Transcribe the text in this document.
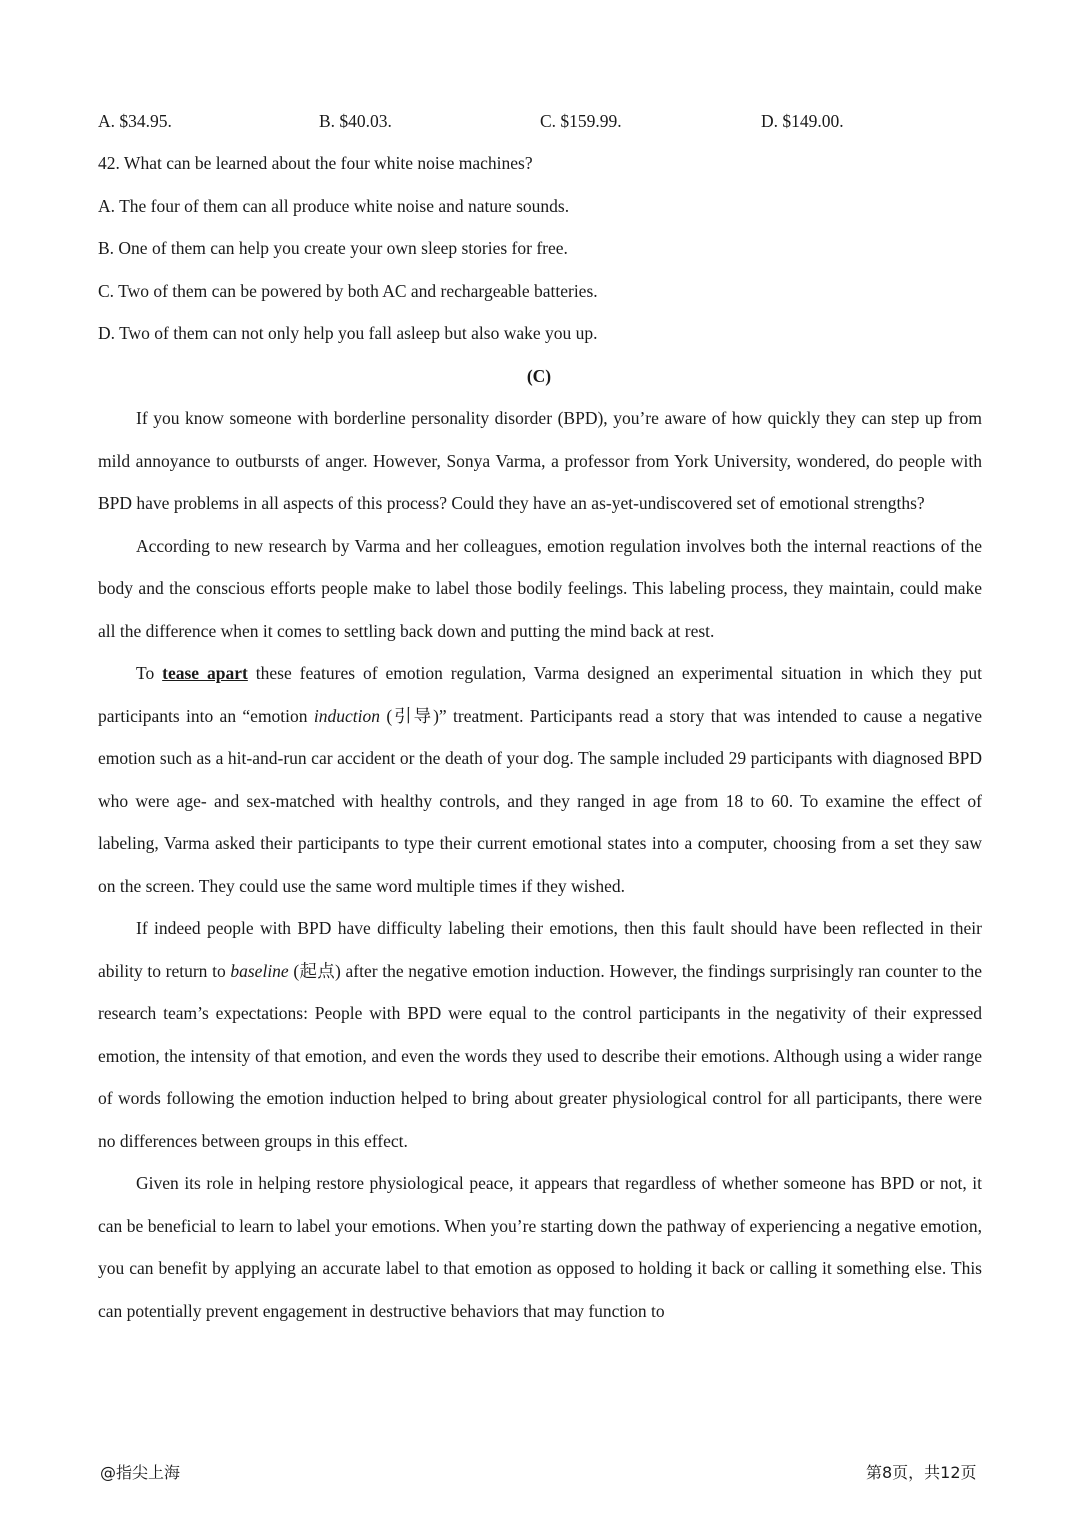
A. $34.95.	B. $40.03.	C. $159.99.	D. $149.00.
42. What can be learned about the four white noise machines?
A. The four of them can all produce white noise and nature sounds.
B. One of them can help you create your own sleep stories for free.
C. Two of them can be powered by both AC and rechargeable batteries.
D. Two of them can not only help you fall asleep but also wake you up.
(C)

If you know someone with borderline personality disorder (BPD), you’re aware of how quickly they can step up from mild annoyance to outbursts of anger. However, Sonya Varma, a professor from York University, wondered, do people with BPD have problems in all aspects of this process? Could they have an as-yet-undiscovered set of emotional strengths?

According to new research by Varma and her colleagues, emotion regulation involves both the internal reactions of the body and the conscious efforts people make to label those bodily feelings. This labeling process, they maintain, could make all the difference when it comes to settling back down and putting the mind back at rest.

To tease apart these features of emotion regulation, Varma designed an experimental situation in which they put participants into an “emotion induction (引导)” treatment. Participants read a story that was intended to cause a negative emotion such as a hit-and-run car accident or the death of your dog. The sample included 29 participants with diagnosed BPD who were age- and sex-matched with healthy controls, and they ranged in age from 18 to 60. To examine the effect of labeling, Varma asked their participants to type their current emotional states into a computer, choosing from a set they saw on the screen. They could use the same word multiple times if they wished.

If indeed people with BPD have difficulty labeling their emotions, then this fault should have been reflected in their ability to return to baseline (起点) after the negative emotion induction. However, the findings surprisingly ran counter to the research team’s expectations: People with BPD were equal to the control participants in the negativity of their expressed emotion, the intensity of that emotion, and even the words they used to describe their emotions. Although using a wider range of words following the emotion induction helped to bring about greater physiological control for all participants, there were no differences between groups in this effect.

Given its role in helping restore physiological peace, it appears that regardless of whether someone has BPD or not, it can be beneficial to learn to label your emotions. When you’re starting down the pathway of experiencing a negative emotion, you can benefit by applying an accurate label to that emotion as opposed to holding it back or calling it something else. This can potentially prevent engagement in destructive behaviors that may function to

@指尖上海	第8页，共12页
